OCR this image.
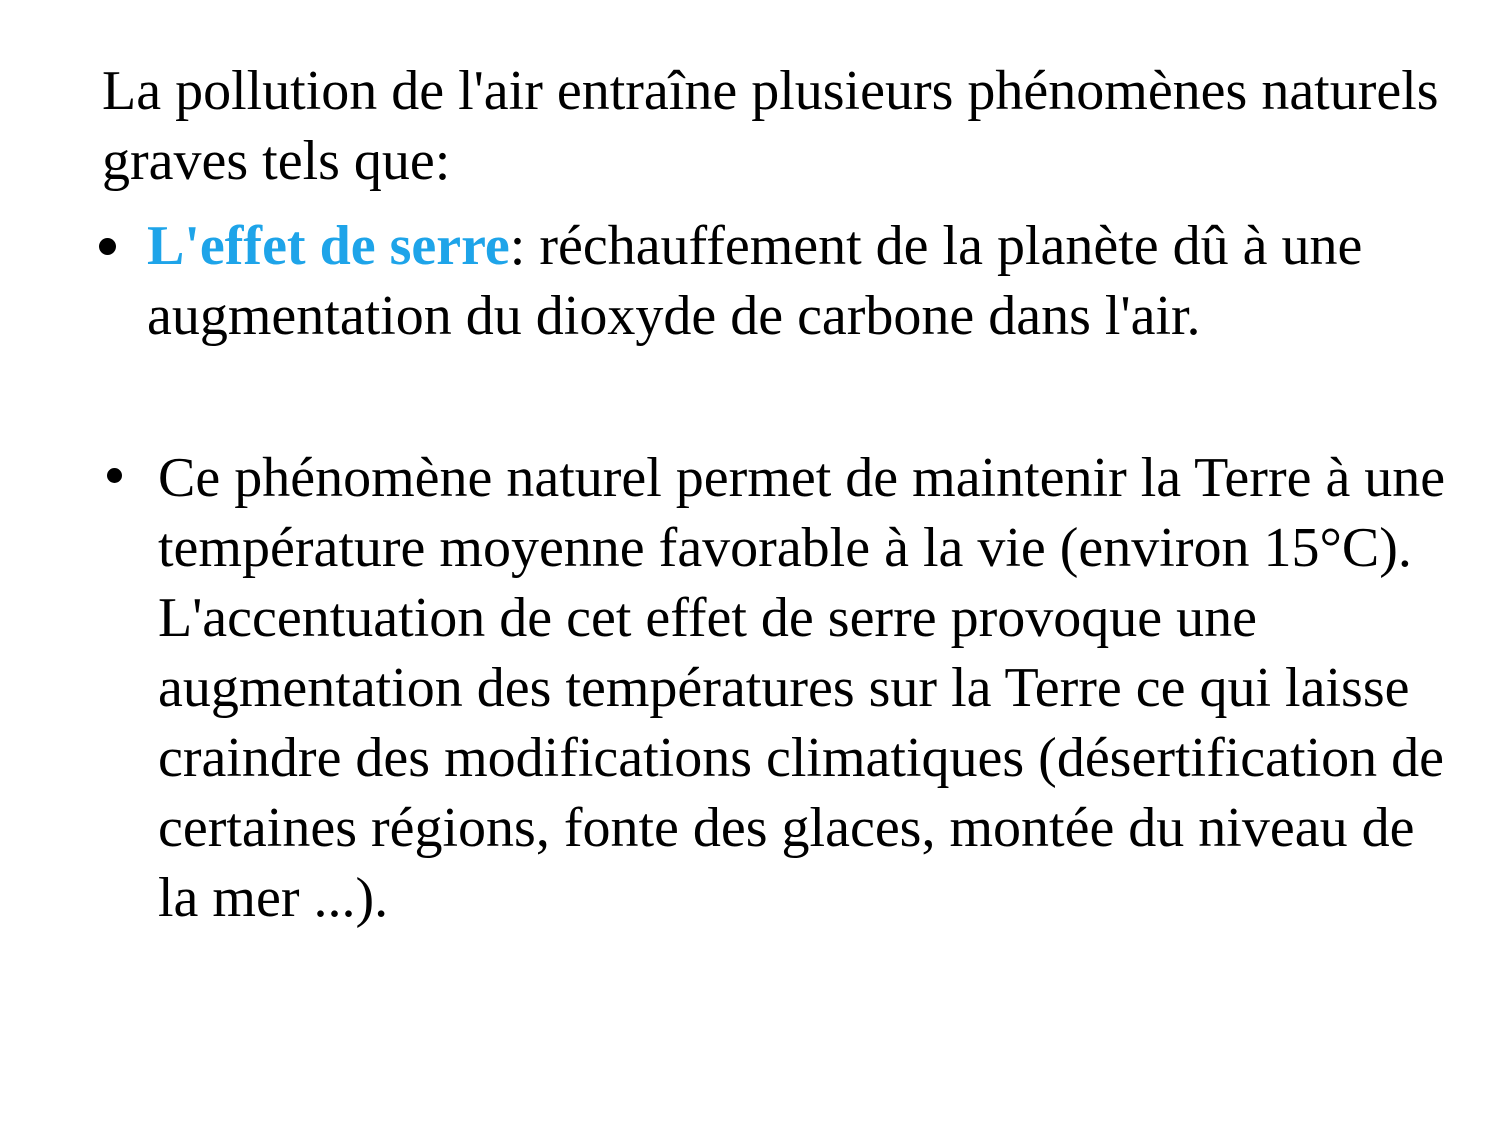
La pollution de l'air entraîne plusieurs phénomènes naturels graves tels que:

L'effet de serre: réchauffement de la planète dû à une augmentation du dioxyde de carbone dans l'air.
Ce phénomène naturel permet de maintenir la Terre à une température moyenne favorable à la vie (environ 15°C). L'accentuation de cet effet de serre provoque une augmentation des températures sur la Terre ce qui laisse craindre des modifications climatiques (désertification de certaines régions, fonte des glaces, montée du niveau de la mer ...).
